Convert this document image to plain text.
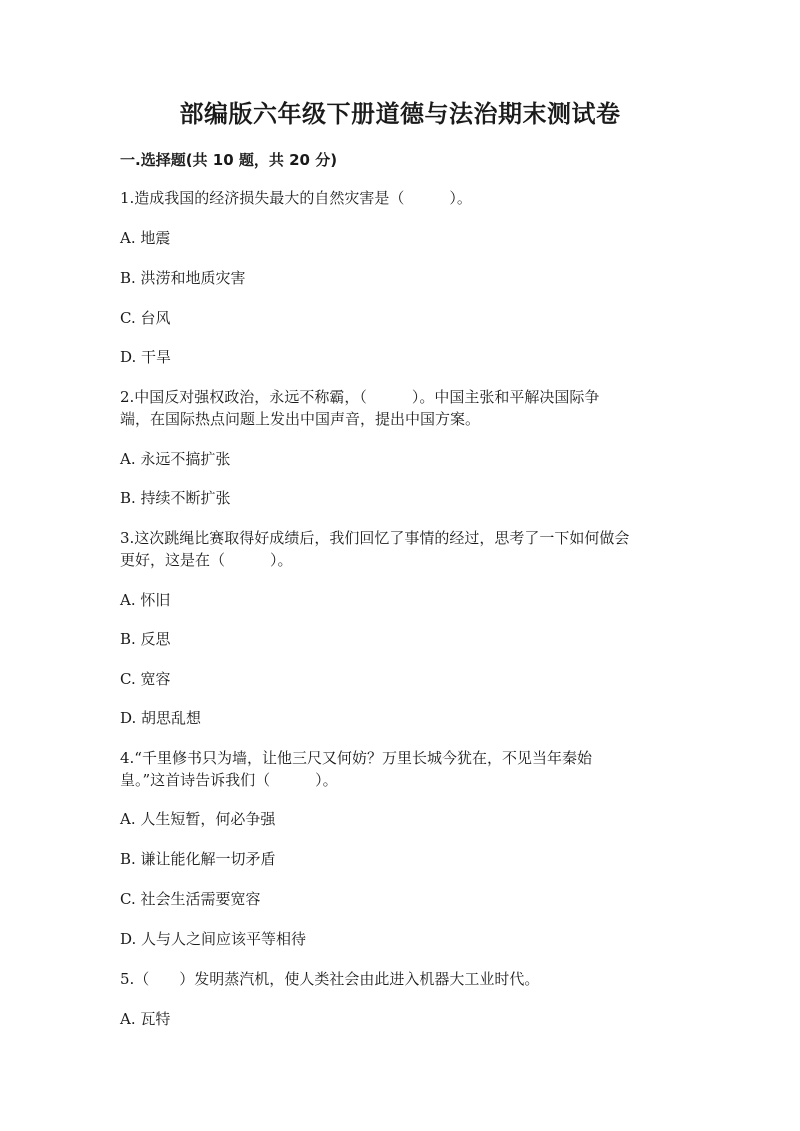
部编版六年级下册道德与法治期末测试卷
一.选择题(共 10 题，共 20 分)
1.造成我国的经济损失最大的自然灾害是（　　　）。
A. 地震
B. 洪涝和地质灾害
C. 台风
D. 干旱
2.中国反对强权政治，永远不称霸，（　　　）。中国主张和平解决国际争
端，在国际热点问题上发出中国声音，提出中国方案。
A. 永远不搞扩张
B. 持续不断扩张
3.这次跳绳比赛取得好成绩后，我们回忆了事情的经过，思考了一下如何做会
更好，这是在（　　　）。
A. 怀旧
B. 反思
C. 宽容
D. 胡思乱想
4.“千里修书只为墙，让他三尺又何妨？万里长城今犹在，不见当年秦始
皇。”这首诗告诉我们（　　　）。
A. 人生短暂，何必争强
B. 谦让能化解一切矛盾
C. 社会生活需要宽容
D. 人与人之间应该平等相待
5.（　　）发明蒸汽机，使人类社会由此进入机器大工业时代。
A. 瓦特
